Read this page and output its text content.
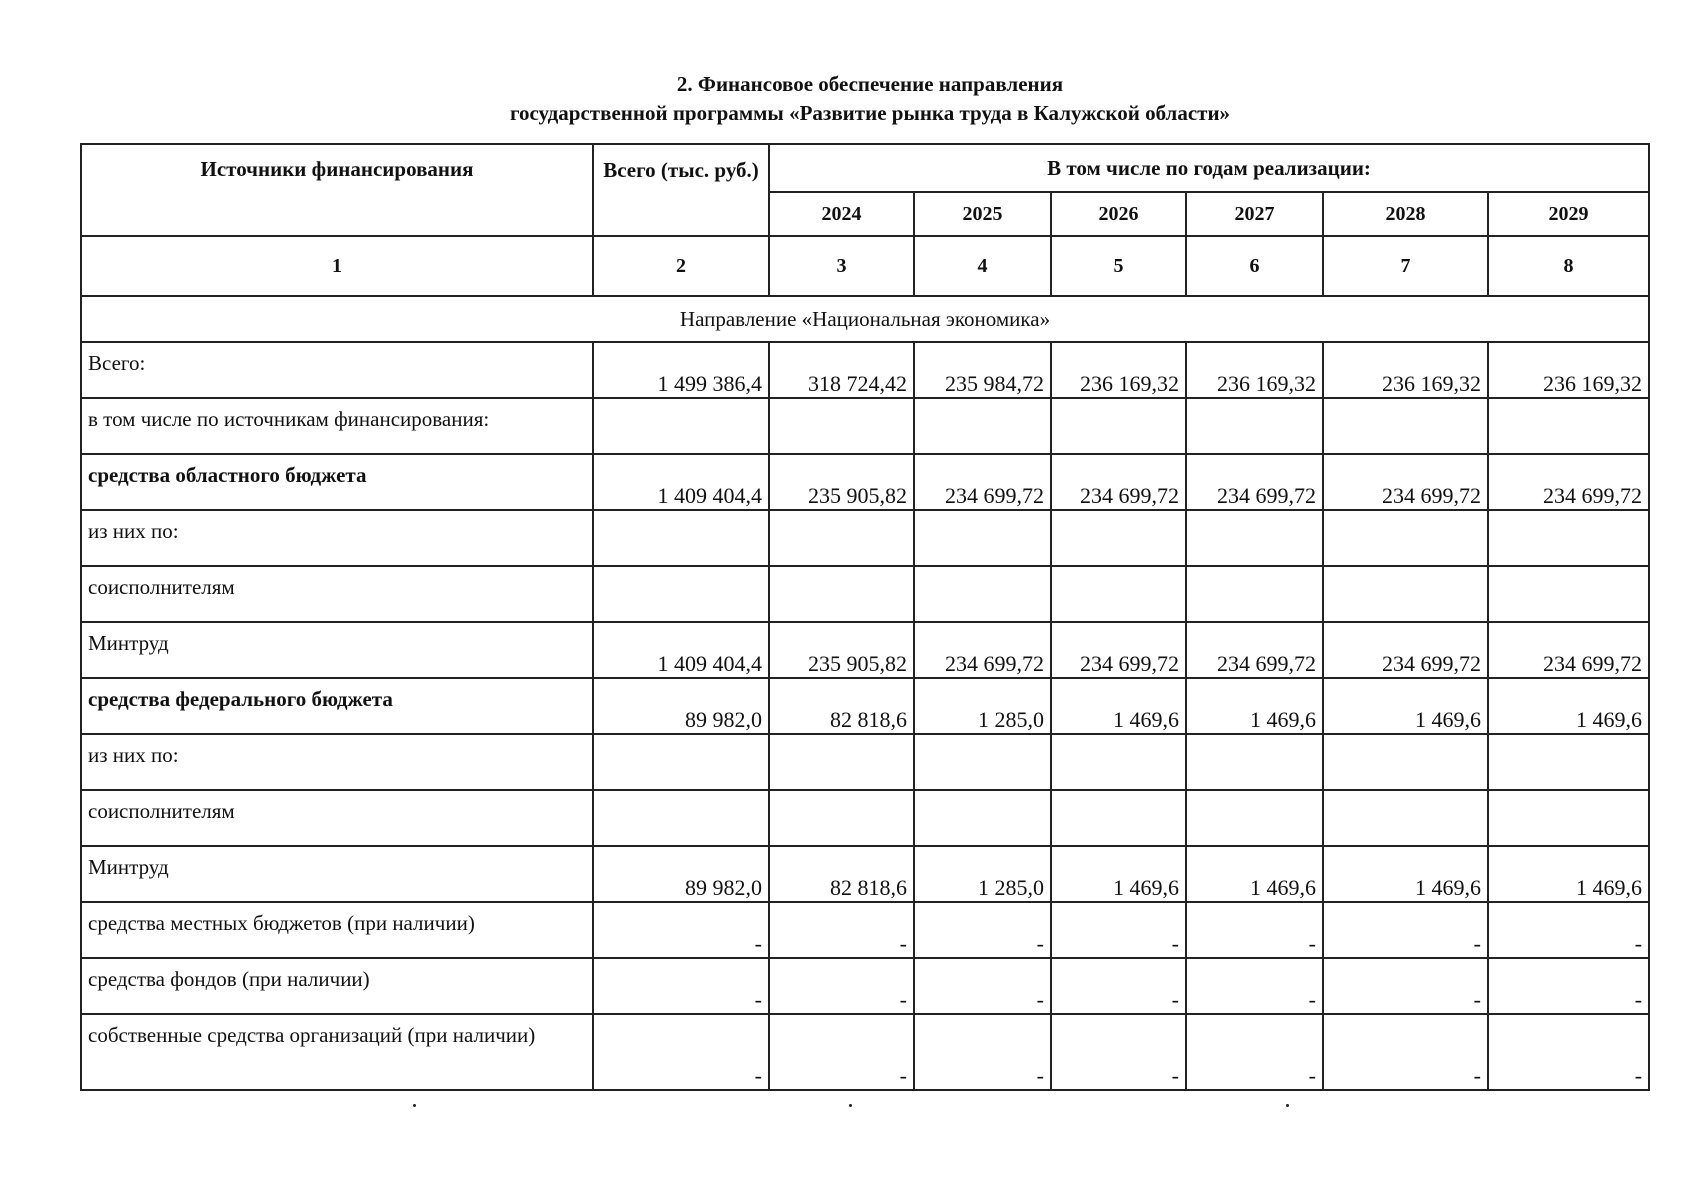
2. Финансовое обеспечение направления
государственной программы «Развитие рынка труда в Калужской области»
Источники финансирования	Всего (тыс. руб.)	В том числе по годам реализации:					
		2024	2025	2026	2027	2028	2029
1	2	3	4	5	6	7	8
Направление «Национальная экономика»							
Всего:	1 499 386,4	318 724,42	235 984,72	236 169,32	236 169,32	236 169,32	236 169,32
в том числе по источникам финансирования:							
средства областного бюджета	1 409 404,4	235 905,82	234 699,72	234 699,72	234 699,72	234 699,72	234 699,72
из них по:							
соисполнителям							
Минтруд	1 409 404,4	235 905,82	234 699,72	234 699,72	234 699,72	234 699,72	234 699,72
средства федерального бюджета	89 982,0	82 818,6	1 285,0	1 469,6	1 469,6	1 469,6	1 469,6
из них по:							
соисполнителям							
Минтруд	89 982,0	82 818,6	1 285,0	1 469,6	1 469,6	1 469,6	1 469,6
средства местных бюджетов (при наличии)	-	-	-	-	-	-	-
средства фондов (при наличии)	-	-	-	-	-	-	-
собственные средства организаций (при наличии)	-	-	-	-	-	-	-
